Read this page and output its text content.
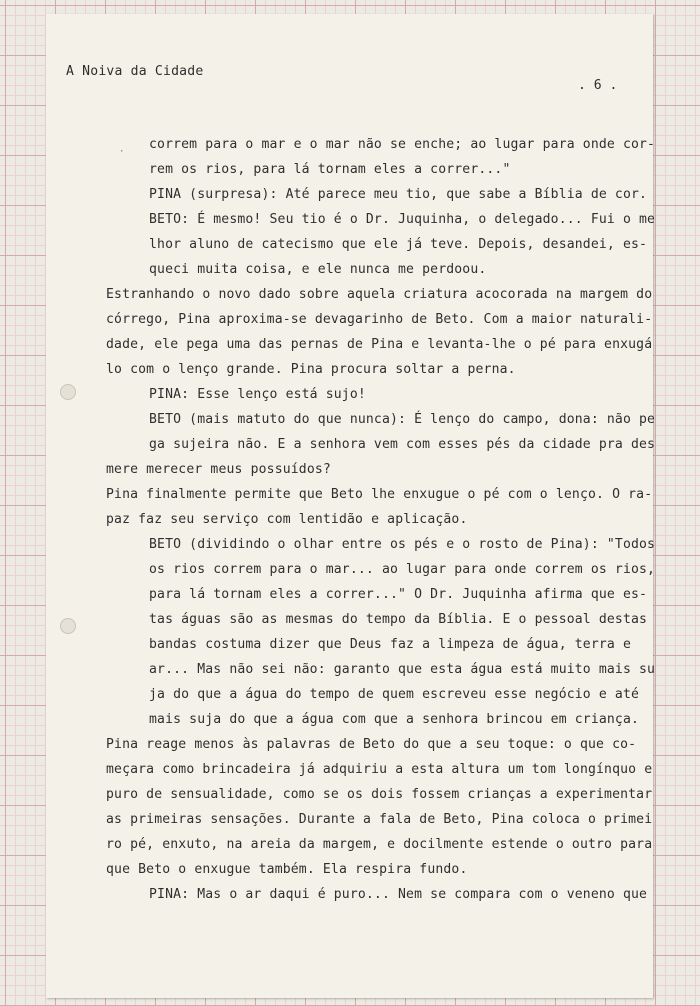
A Noiva da Cidade
. 6 .
· correm para o mar e o mar não se enche; ao lugar para onde cor-
rem os rios, para lá tornam eles a correr..."
PINA (surpresa): Até parece meu tio, que sabe a Bíblia de cor.
BETO: É mesmo! Seu tio é o Dr. Juquinha, o delegado... Fui o me
lhor aluno de catecismo que ele já teve. Depois, desandei, es-
queci muita coisa, e ele nunca me perdoou.
Estranhando o novo dado sobre aquela criatura acocorada na margem do
córrego, Pina aproxima-se devagarinho de Beto. Com a maior naturali-
dade, ele pega uma das pernas de Pina e levanta-lhe o pé para enxugá
lo com o lenço grande. Pina procura soltar a perna.
PINA: Esse lenço está sujo!
BETO (mais matuto do que nunca): É lenço do campo, dona: não pe
ga sujeira não. E a senhora vem com esses pés da cidade pra des
mere merecer meus possuídos?
Pina finalmente permite que Beto lhe enxugue o pé com o lenço. O ra-
paz faz seu serviço com lentidão e aplicação.
BETO (dividindo o olhar entre os pés e o rosto de Pina): "Todos
os rios correm para o mar... ao lugar para onde correm os rios,
para lá tornam eles a correr..." O Dr. Juquinha afirma que es-
tas águas são as mesmas do tempo da Bíblia. E o pessoal destas
bandas costuma dizer que Deus faz a limpeza de água, terra e
ar... Mas não sei não: garanto que esta água está muito mais su
ja do que a água do tempo de quem escreveu esse negócio e até
mais suja do que a água com que a senhora brincou em criança.
Pina reage menos às palavras de Beto do que a seu toque: o que co-
meçara como brincadeira já adquiriu a esta altura um tom longínquo e
puro de sensualidade, como se os dois fossem crianças a experimentar
as primeiras sensações. Durante a fala de Beto, Pina coloca o primei
ro pé, enxuto, na areia da margem, e docilmente estende o outro para
que Beto o enxugue também. Ela respira fundo.
PINA: Mas o ar daqui é puro... Nem se compara com o veneno que
